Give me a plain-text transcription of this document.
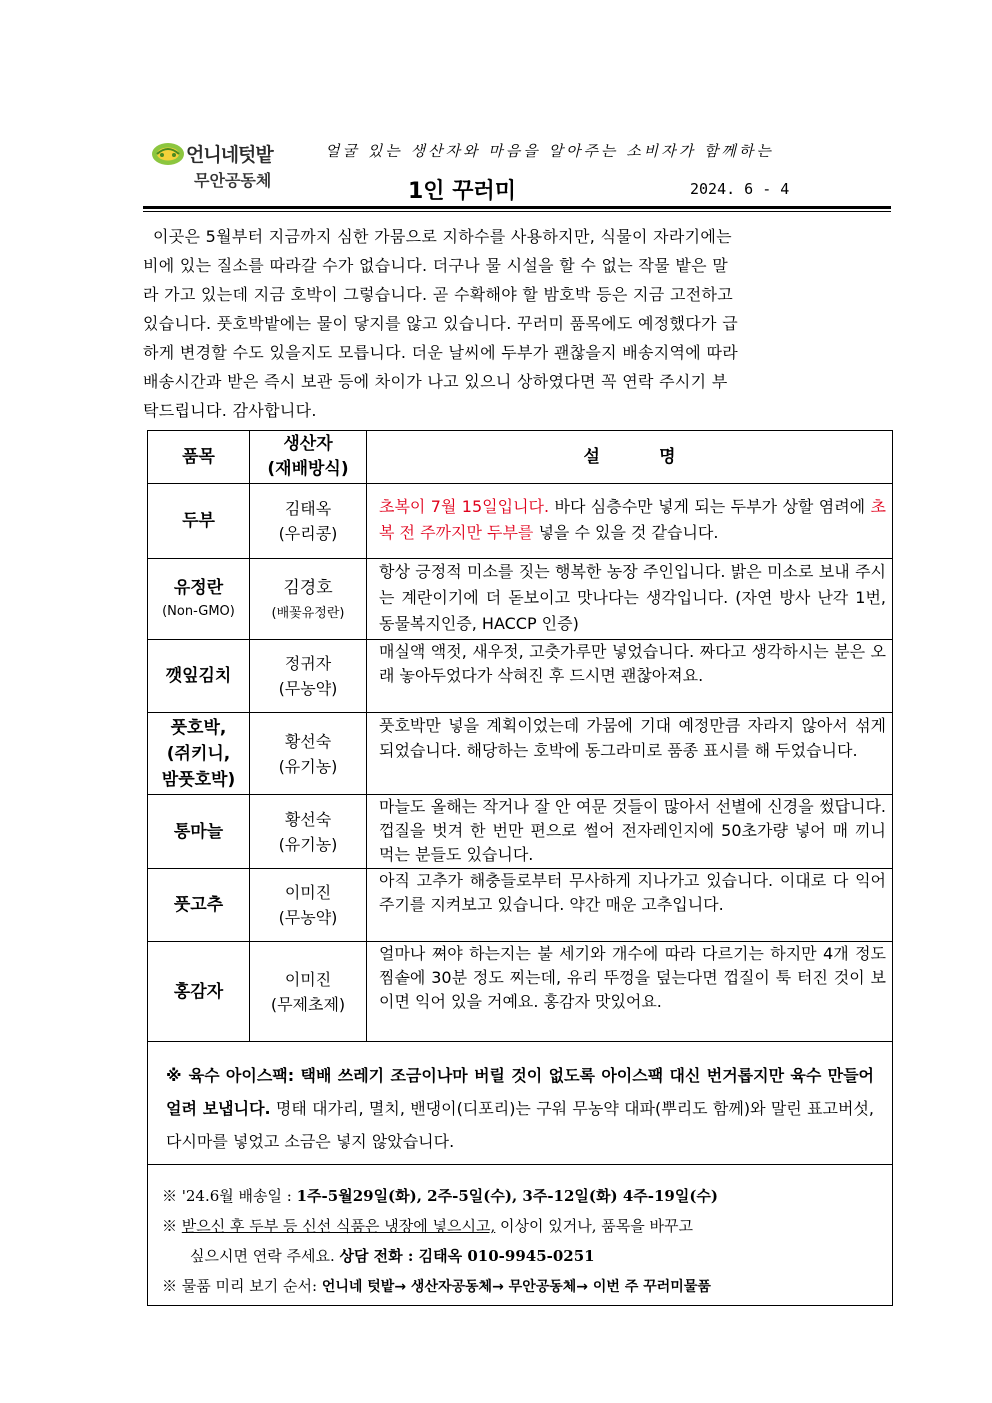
언니네텃밭
무안공동체
얼굴 있는 생산자와 마음을 알아주는 소비자가 함께하는
1인 꾸러미	2024. 6 - 4
이곳은 5월부터 지금까지 심한 가뭄으로 지하수를 사용하지만, 식물이 자라기에는
비에 있는 질소를 따라갈 수가 없습니다. 더구나 물 시설을 할 수 없는 작물 밭은 말
라 가고 있는데 지금 호박이 그렇습니다. 곧 수확해야 할 밤호박 등은 지금 고전하고
있습니다. 풋호박밭에는 물이 닿지를 않고 있습니다. 꾸러미 품목에도 예정했다가 급
하게 변경할 수도 있을지도 모릅니다. 더운 날씨에 두부가 괜찮을지 배송지역에 따라
배송시간과 받은 즉시 보관 등에 차이가 나고 있으니 상하였다면 꼭 연락 주시기 부
탁드립니다. 감사합니다.
품목
생산자
(재배방식)
설          명
두부
김태옥
(우리콩)
초복이 7월 15일입니다. 바다 심층수만 넣게 되는 두부가 상할 염려에 초복 전 주까지만 두부를 넣을 수 있을 것 같습니다.
유정란
(Non-GMO)
김경호
(배꽃유정란)
항상 긍정적 미소를 짓는 행복한 농장 주인입니다. 밝은 미소로 보내 주시는 계란이기에 더 돋보이고 맛나다는 생각입니다. (자연 방사 난각 1번, 동물복지인증, HACCP 인증)
깻잎김치
정귀자
(무농약)
매실액 액젓, 새우젓, 고춧가루만 넣었습니다. 짜다고 생각하시는 분은 오래 놓아두었다가 삭혀진 후 드시면 괜찮아져요.
풋호박,
(쥐키니,
밤풋호박)
황선숙
(유기농)
풋호박만 넣을 계획이었는데 가뭄에 기대 예정만큼 자라지 않아서 섞게 되었습니다. 해당하는 호박에 동그라미로 품종 표시를 해 두었습니다.
통마늘
황선숙
(유기농)
마늘도 올해는 작거나 잘 안 여문 것들이 많아서 선별에 신경을 썼답니다. 껍질을 벗겨 한 번만 편으로 썰어 전자레인지에 50초가량 넣어 매 끼니 먹는 분들도 있습니다.
풋고추
이미진
(무농약)
아직 고추가 해충들로부터 무사하게 지나가고 있습니다. 이대로 다 익어 주기를 지켜보고 있습니다. 약간 매운 고추입니다.
홍감자
이미진
(무제초제)
얼마나 쪄야 하는지는 불 세기와 개수에 따라 다르기는 하지만 4개 정도 찜솥에 30분 정도 찌는데, 유리 뚜껑을 덮는다면 껍질이 툭 터진 것이 보이면 익어 있을 거예요. 홍감자 맛있어요.
※ 육수 아이스팩: 택배 쓰레기 조금이나마 버릴 것이 없도록 아이스팩 대신 번거롭지만 육수 만들어 얼려 보냅니다. 명태 대가리, 멸치, 밴댕이(디포리)는 구워 무농약 대파(뿌리도 함께)와 말린 표고버섯, 다시마를 넣었고 소금은 넣지 않았습니다.
※ '24.6월 배송일 : 1주-5월29일(화), 2주-5일(수), 3주-12일(화) 4주-19일(수)
※ 받으신 후 두부 등 신선 식품은 냉장에 넣으시고, 이상이 있거나, 품목을 바꾸고
싶으시면 연락 주세요. 상담 전화 : 김태옥 010-9945-0251
※ 물품 미리 보기 순서: 언니네 텃밭→ 생산자공동체→ 무안공동체→ 이번 주 꾸러미물품
